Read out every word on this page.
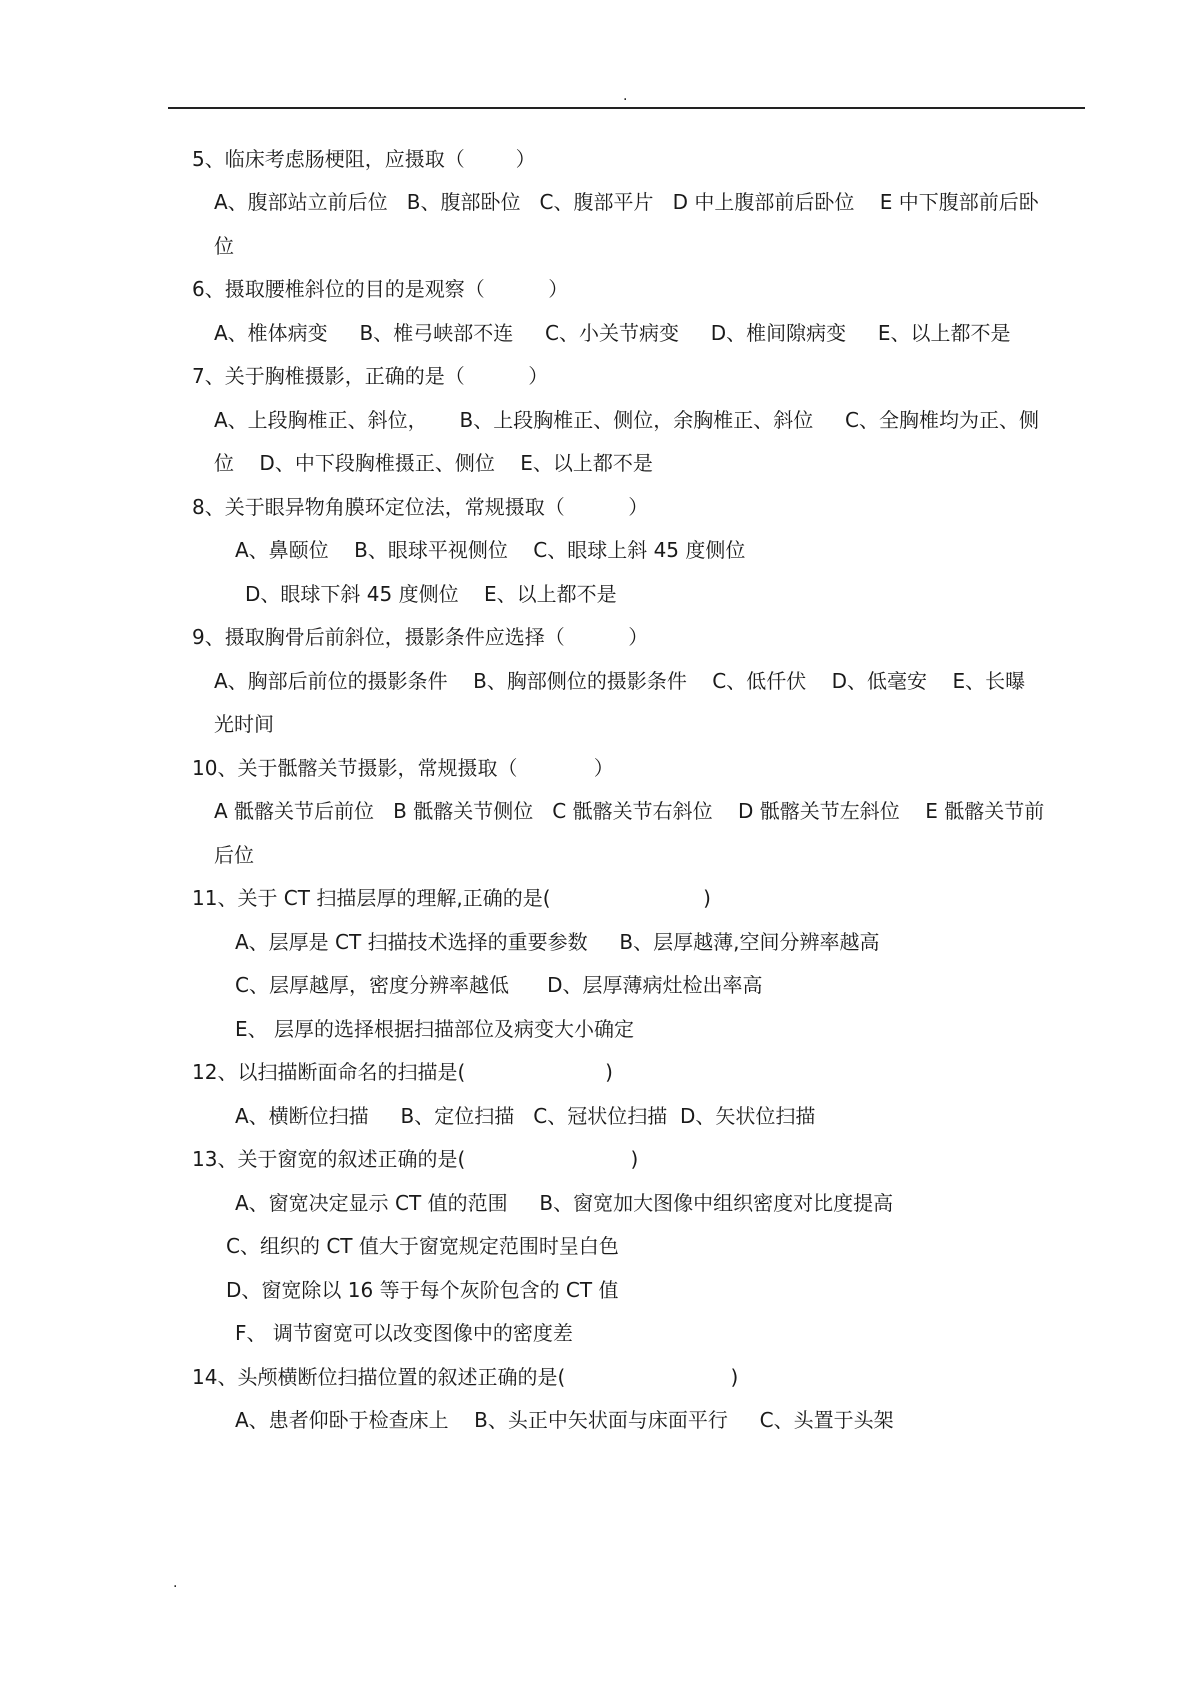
.
5、临床考虑肠梗阻，应摄取（        ）
A、腹部站立前后位   B、腹部卧位   C、腹部平片   D 中上腹部前后卧位    E 中下腹部前后卧
位
6、摄取腰椎斜位的目的是观察（          ）
A、椎体病变     B、椎弓峡部不连     C、小关节病变     D、椎间隙病变     E、以上都不是
7、关于胸椎摄影，正确的是（          ）
A、上段胸椎正、斜位，     B、上段胸椎正、侧位，余胸椎正、斜位     C、全胸椎均为正、侧
位    D、中下段胸椎摄正、侧位    E、以上都不是
8、关于眼异物角膜环定位法，常规摄取（          ）
A、鼻颐位    B、眼球平视侧位    C、眼球上斜 45 度侧位
D、眼球下斜 45 度侧位    E、以上都不是
9、摄取胸骨后前斜位，摄影条件应选择（          ）
A、胸部后前位的摄影条件    B、胸部侧位的摄影条件    C、低仟伏    D、低毫安    E、长曝
光时间
10、关于骶髂关节摄影，常规摄取（            ）
A 骶髂关节后前位   B 骶髂关节侧位   C 骶髂关节右斜位    D 骶髂关节左斜位    E 骶髂关节前
后位
11、关于 CT 扫描层厚的理解,正确的是(                        )
A、层厚是 CT 扫描技术选择的重要参数     B、层厚越薄,空间分辨率越高
C、层厚越厚，密度分辨率越低      D、层厚薄病灶检出率高
E、 层厚的选择根据扫描部位及病变大小确定
12、以扫描断面命名的扫描是(                      )
A、横断位扫描     B、定位扫描   C、冠状位扫描  D、矢状位扫描
13、关于窗宽的叙述正确的是(                          )
A、窗宽决定显示 CT 值的范围     B、窗宽加大图像中组织密度对比度提高
C、组织的 CT 值大于窗宽规定范围时呈白色
D、窗宽除以 16 等于每个灰阶包含的 CT 值
F、 调节窗宽可以改变图像中的密度差
14、头颅横断位扫描位置的叙述正确的是(                          )
A、患者仰卧于检查床上    B、头正中矢状面与床面平行     C、头置于头架
.
